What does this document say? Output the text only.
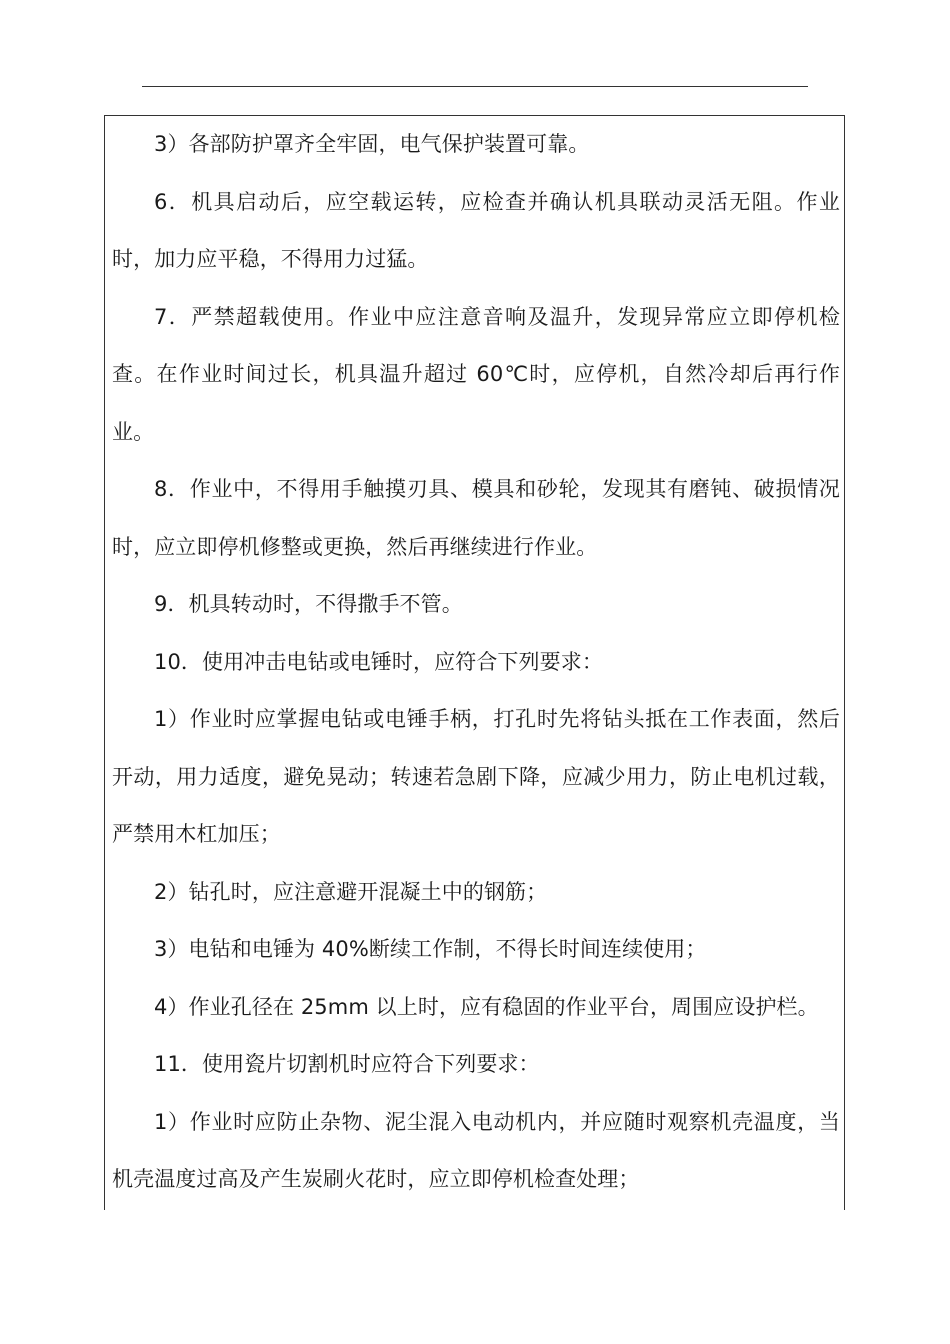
3）各部防护罩齐全牢固，电气保护装置可靠。

6．机具启动后，应空载运转，应检查并确认机具联动灵活无阻。作业时，加力应平稳，不得用力过猛。

7．严禁超载使用。作业中应注意音响及温升，发现异常应立即停机检查。在作业时间过长，机具温升超过 60℃时，应停机，自然冷却后再行作业。

8．作业中，不得用手触摸刃具、模具和砂轮，发现其有磨钝、破损情况时，应立即停机修整或更换，然后再继续进行作业。

9．机具转动时，不得撒手不管。

10．使用冲击电钻或电锤时，应符合下列要求：

1）作业时应掌握电钻或电锤手柄，打孔时先将钻头抵在工作表面，然后开动，用力适度，避免晃动；转速若急剧下降，应减少用力，防止电机过载，严禁用木杠加压；

2）钻孔时，应注意避开混凝土中的钢筋；

3）电钻和电锤为 40%断续工作制，不得长时间连续使用；

4）作业孔径在 25mm 以上时，应有稳固的作业平台，周围应设护栏。

11．使用瓷片切割机时应符合下列要求：

1）作业时应防止杂物、泥尘混入电动机内，并应随时观察机壳温度，当机壳温度过高及产生炭刷火花时，应立即停机检查处理；
